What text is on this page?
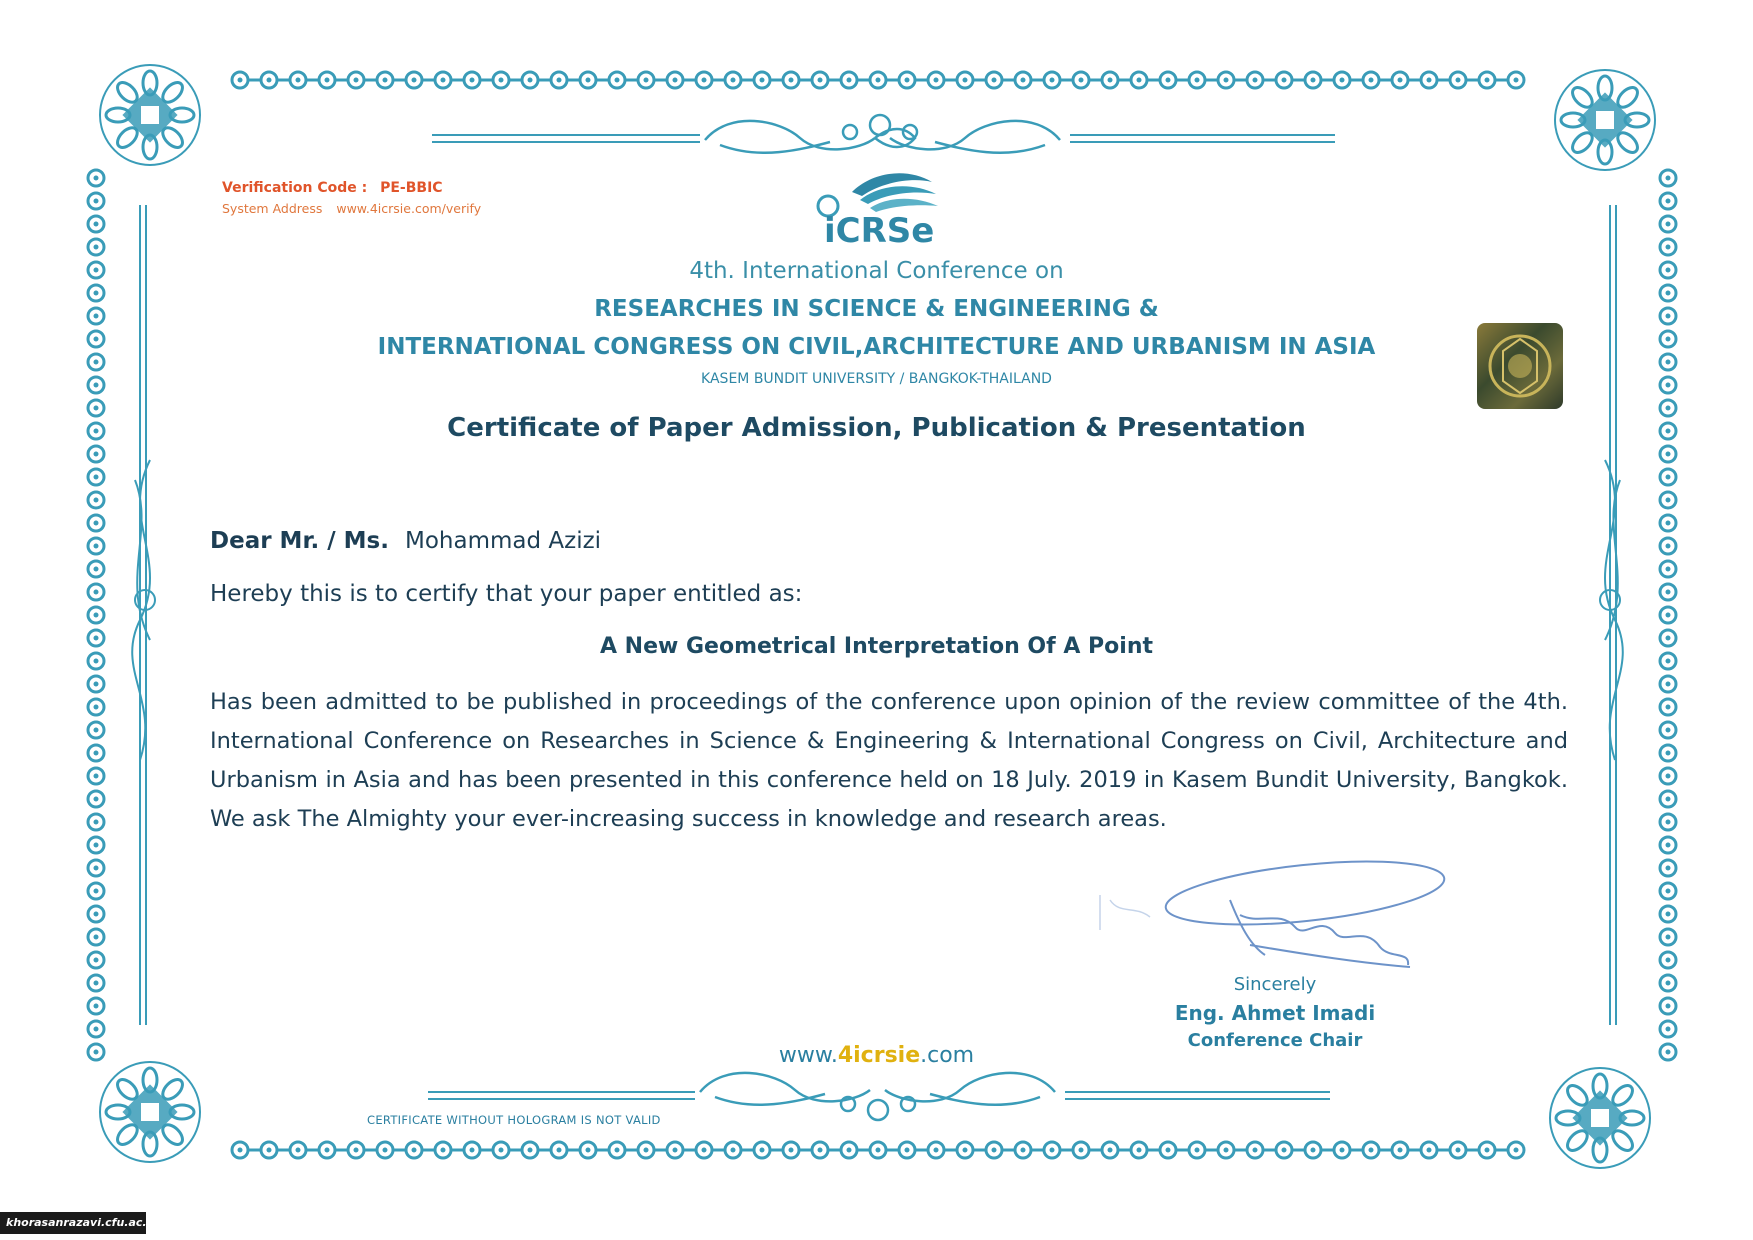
Verification Code : PE-BBIC
System Address www.4icrsie.com/verify
iCRSe
4th. International Conference on
RESEARCHES IN SCIENCE & ENGINEERING &
INTERNATIONAL CONGRESS ON CIVIL,ARCHITECTURE AND URBANISM IN ASIA
KASEM BUNDIT UNIVERSITY / BANGKOK-THAILAND
Certificate of Paper Admission, Publication & Presentation
Dear Mr. / Ms. Mohammad Azizi
Hereby this is to certify that your paper entitled as:
A New Geometrical Interpretation Of A Point
Has been admitted to be published in proceedings of the conference upon opinion of the review committee of the 4th. International Conference on Researches in Science & Engineering & International Congress on Civil, Architecture and Urbanism in Asia and has been presented in this conference held on 18 July. 2019 in Kasem Bundit University, Bangkok. We ask The Almighty your ever-increasing success in knowledge and research areas.
Sincerely
Eng. Ahmet Imadi
Conference Chair
www.4icrsie.com
CERTIFICATE WITHOUT HOLOGRAM IS NOT VALID
khorasanrazavi.cfu.ac.ir
